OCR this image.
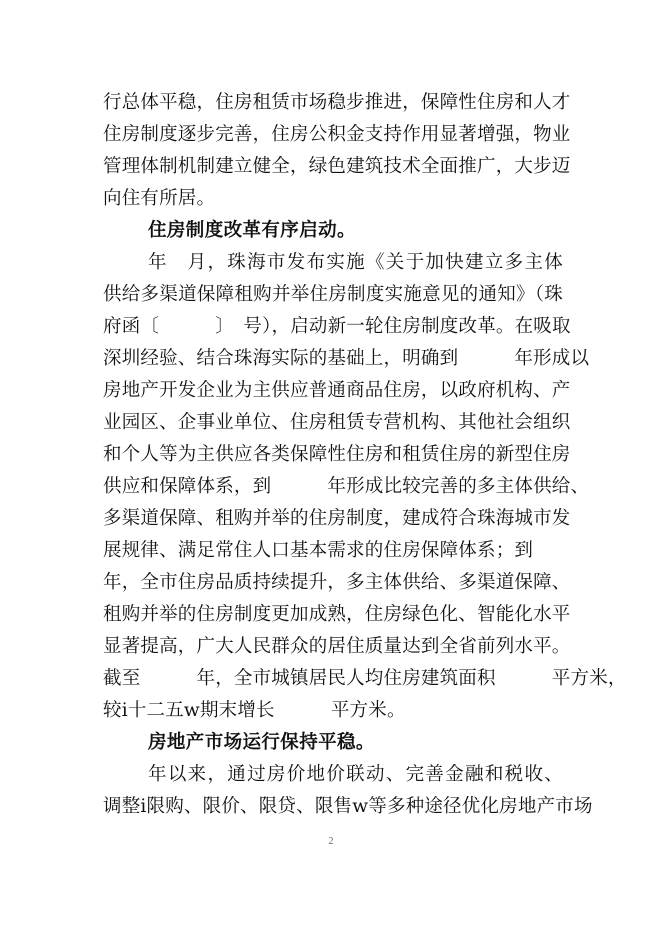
行总体平稳，住房租赁市场稳步推进，保障性住房和人才
住房制度逐步完善，住房公积金支持作用显著增强，物业
管理体制机制建立健全，绿色建筑技术全面推广，大步迈
向住有所居。
住房制度改革有序启动。
年　月，珠海市发布实施《关于加快建立多主体
供给多渠道保障租购并举住房制度实施意见的通知》（珠
府函〔　　　〕　号），启动新一轮住房制度改革。在吸取
深圳经验、结合珠海实际的基础上，明确到　　　年形成以
房地产开发企业为主供应普通商品住房，以政府机构、产
业园区、企事业单位、住房租赁专营机构、其他社会组织
和个人等为主供应各类保障性住房和租赁住房的新型住房
供应和保障体系，到　　　年形成比较完善的多主体供给、
多渠道保障、租购并举的住房制度，建成符合珠海城市发
展规律、满足常住人口基本需求的住房保障体系；到
年，全市住房品质持续提升，多主体供给、多渠道保障、
租购并举的住房制度更加成熟，住房绿色化、智能化水平
显著提高，广大人民群众的居住质量达到全省前列水平。
截至　　　年，全市城镇居民人均住房建筑面积　　　平方米，
较i十二五w期末增长　　　平方米。
房地产市场运行保持平稳。
年以来，通过房价地价联动、完善金融和税收、
调整i限购、限价、限贷、限售w等多种途径优化房地产市场
2
